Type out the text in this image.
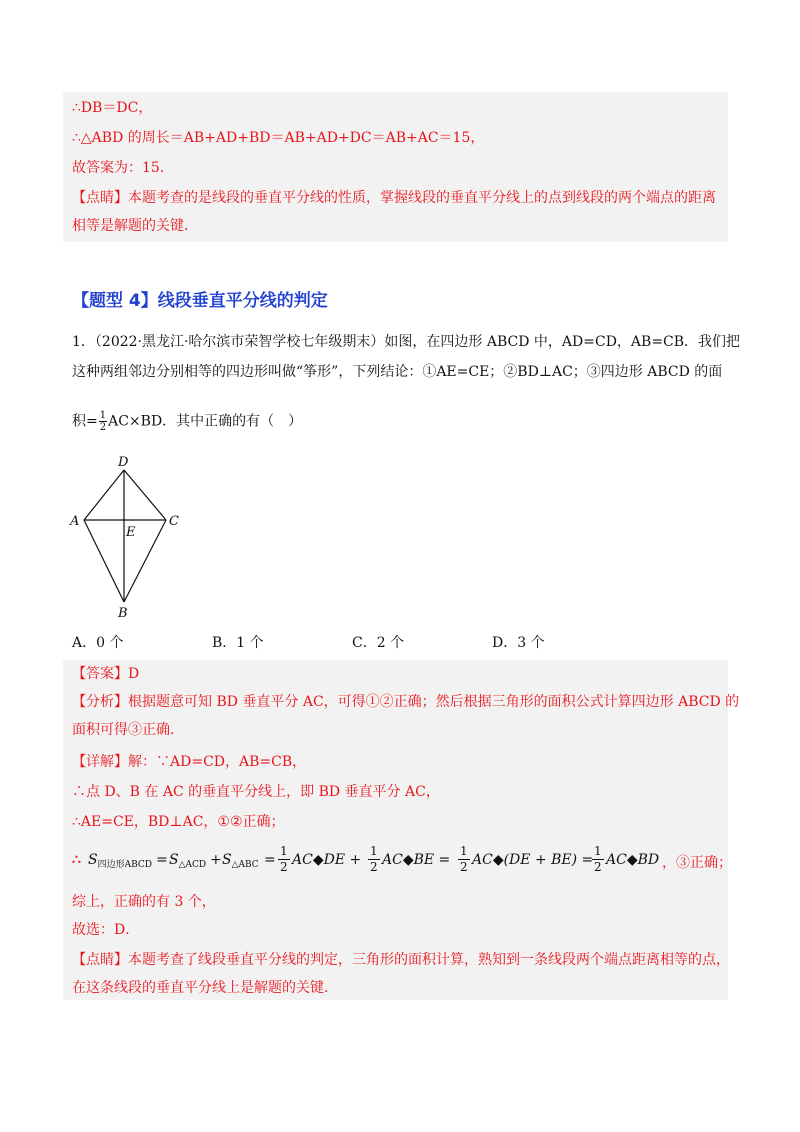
∴DB＝DC，
∴△ABD 的周长＝AB+AD+BD＝AB+AD+DC＝AB+AC＝15，
故答案为：15．
【点睛】本题考查的是线段的垂直平分线的性质，掌握线段的垂直平分线上的点到线段的两个端点的距离
相等是解题的关键．
【题型 4】线段垂直平分线的判定
1．（2022·黑龙江·哈尔滨市荣智学校七年级期末）如图，在四边形 ABCD 中，AD=CD，AB=CB．我们把
这种两组邻边分别相等的四边形叫做“筝形”，下列结论：①AE=CE；②BD⊥AC；③四边形 ABCD 的面
积= $\frac{1}{2} AC\times BD$．其中正确的有（　）
D
A	C
E
B
A．0 个	B．1 个	C．2 个	D．3 个
【答案】D
【分析】根据题意可知 BD 垂直平分 AC，可得①②正确；然后根据三角形的面积公式计算四边形 ABCD 的
面积可得③正确．
【详解】解：∵AD=CD，AB=CB，
∴点 D、B 在 AC 的垂直平分线上，即 BD 垂直平分 AC，
∴AE=CE，BD⊥AC，①②正确；
∴ $S_{四边形ABCD} = S_{\triangle ACD} + S_{\triangle ABC}$ =
1
2 AC◆DE +
1
2 AC◆BE =
1
2 AC◆(DE + BE) =
1
2 AC◆BD ，③正确；
综上，正确的有 3 个，
故选：D．
【点睛】本题考查了线段垂直平分线的判定，三角形的面积计算，熟知到一条线段两个端点距离相等的点，
在这条线段的垂直平分线上是解题的关键．
